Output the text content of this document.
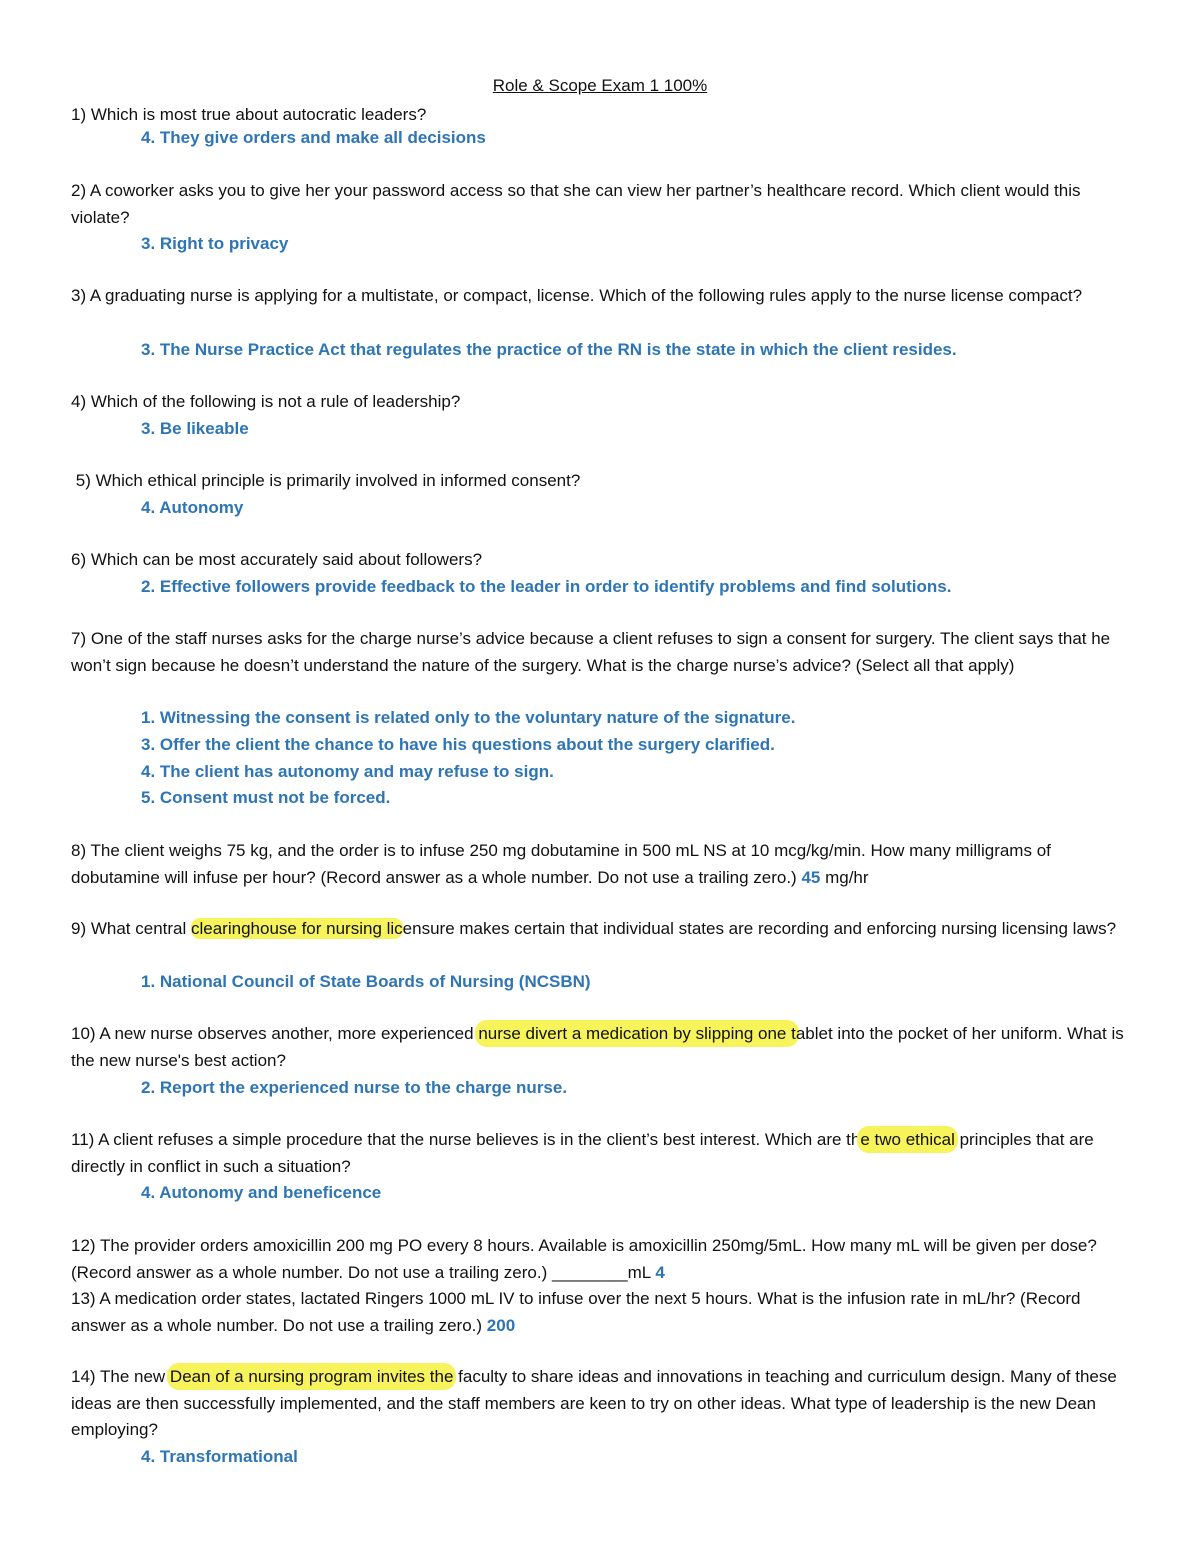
Role & Scope Exam 1 100%
1) Which is most true about autocratic leaders?
4. They give orders and make all decisions
2) A coworker asks you to give her your password access so that she can view her partner’s healthcare record. Which client would this violate?
3. Right to privacy
3) A graduating nurse is applying for a multistate, or compact, license. Which of the following rules apply to the nurse license compact?
3. The Nurse Practice Act that regulates the practice of the RN is the state in which the client resides.
4) Which of the following is not a rule of leadership?
3. Be likeable
5) Which ethical principle is primarily involved in informed consent?
4. Autonomy
6) Which can be most accurately said about followers?
2. Effective followers provide feedback to the leader in order to identify problems and find solutions.
7) One of the staff nurses asks for the charge nurse’s advice because a client refuses to sign a consent for surgery. The client says that he won’t sign because he doesn’t understand the nature of the surgery. What is the charge nurse’s advice? (Select all that apply)
1. Witnessing the consent is related only to the voluntary nature of the signature.
3. Offer the client the chance to have his questions about the surgery clarified.
4. The client has autonomy and may refuse to sign.
5. Consent must not be forced.
8) The client weighs 75 kg, and the order is to infuse 250 mg dobutamine in 500 mL NS at 10 mcg/kg/min. How many milligrams of dobutamine will infuse per hour? (Record answer as a whole number. Do not use a trailing zero.) 45 mg/hr
9) What central clearinghouse for nursing licensure makes certain that individual states are recording and enforcing nursing licensing laws?
1. National Council of State Boards of Nursing (NCSBN)
10) A new nurse observes another, more experienced nurse divert a medication by slipping one tablet into the pocket of her uniform. What is the new nurse's best action?
2. Report the experienced nurse to the charge nurse.
11) A client refuses a simple procedure that the nurse believes is in the client’s best interest. Which are the two ethical principles that are directly in conflict in such a situation?
4. Autonomy and beneficence
12) The provider orders amoxicillin 200 mg PO every 8 hours. Available is amoxicillin 250mg/5mL. How many mL will be given per dose? (Record answer as a whole number. Do not use a trailing zero.) ________mL 4
13) A medication order states, lactated Ringers 1000 mL IV to infuse over the next 5 hours. What is the infusion rate in mL/hr? (Record answer as a whole number. Do not use a trailing zero.) 200
14) The new Dean of a nursing program invites the faculty to share ideas and innovations in teaching and curriculum design. Many of these ideas are then successfully implemented, and the staff members are keen to try on other ideas. What type of leadership is the new Dean employing?
4. Transformational
